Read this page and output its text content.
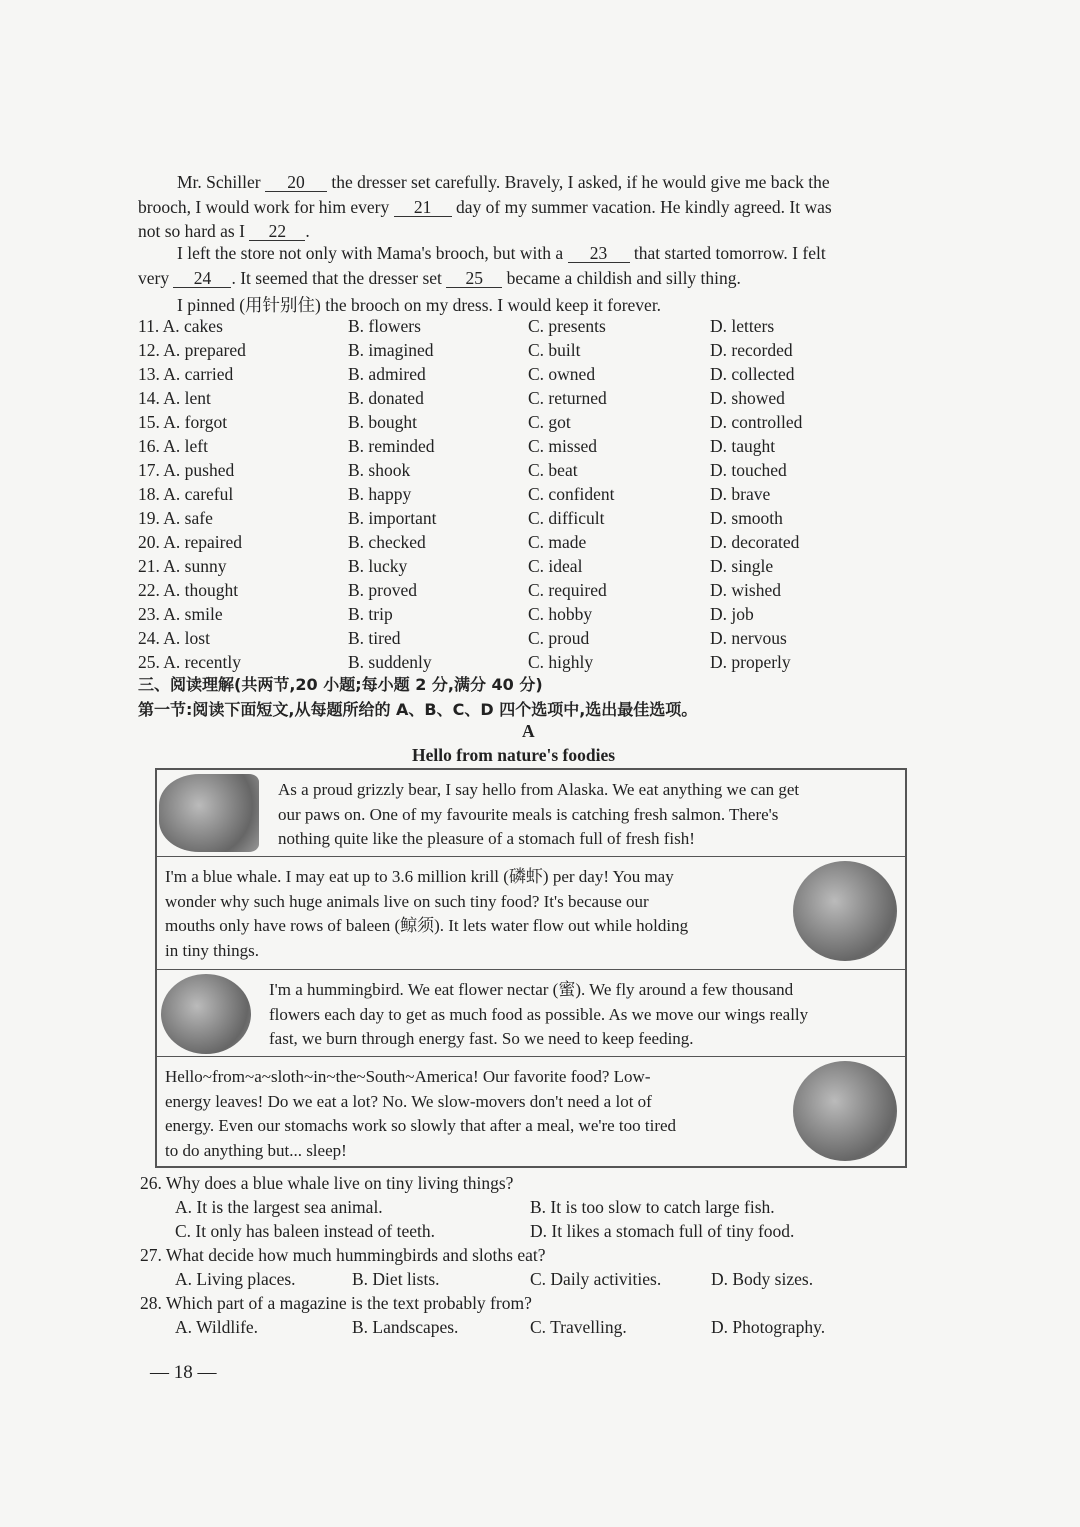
Mr. Schiller 20 the dresser set carefully. Bravely, I asked, if he would give me back the
brooch, I would work for him every 21 day of my summer vacation. He kindly agreed. It was
not so hard as I 22 .
I left the store not only with Mama's brooch, but with a 23 that started tomorrow. I felt
very 24 . It seemed that the dresser set 25 became a childish and silly thing.
I pinned (用针别住) the brooch on my dress. I would keep it forever.
11. A. cakes	B. flowers	C. presents	D. letters
12. A. prepared	B. imagined	C. built	D. recorded
13. A. carried	B. admired	C. owned	D. collected
14. A. lent	B. donated	C. returned	D. showed
15. A. forgot	B. bought	C. got	D. controlled
16. A. left	B. reminded	C. missed	D. taught
17. A. pushed	B. shook	C. beat	D. touched
18. A. careful	B. happy	C. confident	D. brave
19. A. safe	B. important	C. difficult	D. smooth
20. A. repaired	B. checked	C. made	D. decorated
21. A. sunny	B. lucky	C. ideal	D. single
22. A. thought	B. proved	C. required	D. wished
23. A. smile	B. trip	C. hobby	D. job
24. A. lost	B. tired	C. proud	D. nervous
25. A. recently	B. suddenly	C. highly	D. properly
三、阅读理解(共两节,20 小题;每小题 2 分,满分 40 分)
第一节:阅读下面短文,从每题所给的 A、B、C、D 四个选项中,选出最佳选项。
A
Hello from nature's foodies
As a proud grizzly bear, I say hello from Alaska. We eat anything we can get
our paws on. One of my favourite meals is catching fresh salmon. There's
nothing quite like the pleasure of a stomach full of fresh fish!
I'm a blue whale. I may eat up to 3.6 million krill (磷虾) per day! You may
wonder why such huge animals live on such tiny food? It's because our
mouths only have rows of baleen (鲸须). It lets water flow out while holding
in tiny things.
I'm a hummingbird. We eat flower nectar (蜜). We fly around a few thousand
flowers each day to get as much food as possible. As we move our wings really
fast, we burn through energy fast. So we need to keep feeding.
Hello~from~a~sloth~in~the~South~America! Our favorite food? Low-
energy leaves! Do we eat a lot? No. We slow-movers don't need a lot of
energy. Even our stomachs work so slowly that after a meal, we're too tired
to do anything but... sleep!
26. Why does a blue whale live on tiny living things?
A. It is the largest sea animal.	B. It is too slow to catch large fish.
C. It only has baleen instead of teeth.	D. It likes a stomach full of tiny food.
27. What decide how much hummingbirds and sloths eat?
A. Living places.	B. Diet lists.	C. Daily activities.	D. Body sizes.
28. Which part of a magazine is the text probably from?
A. Wildlife.	B. Landscapes.	C. Travelling.	D. Photography.
— 18 —
